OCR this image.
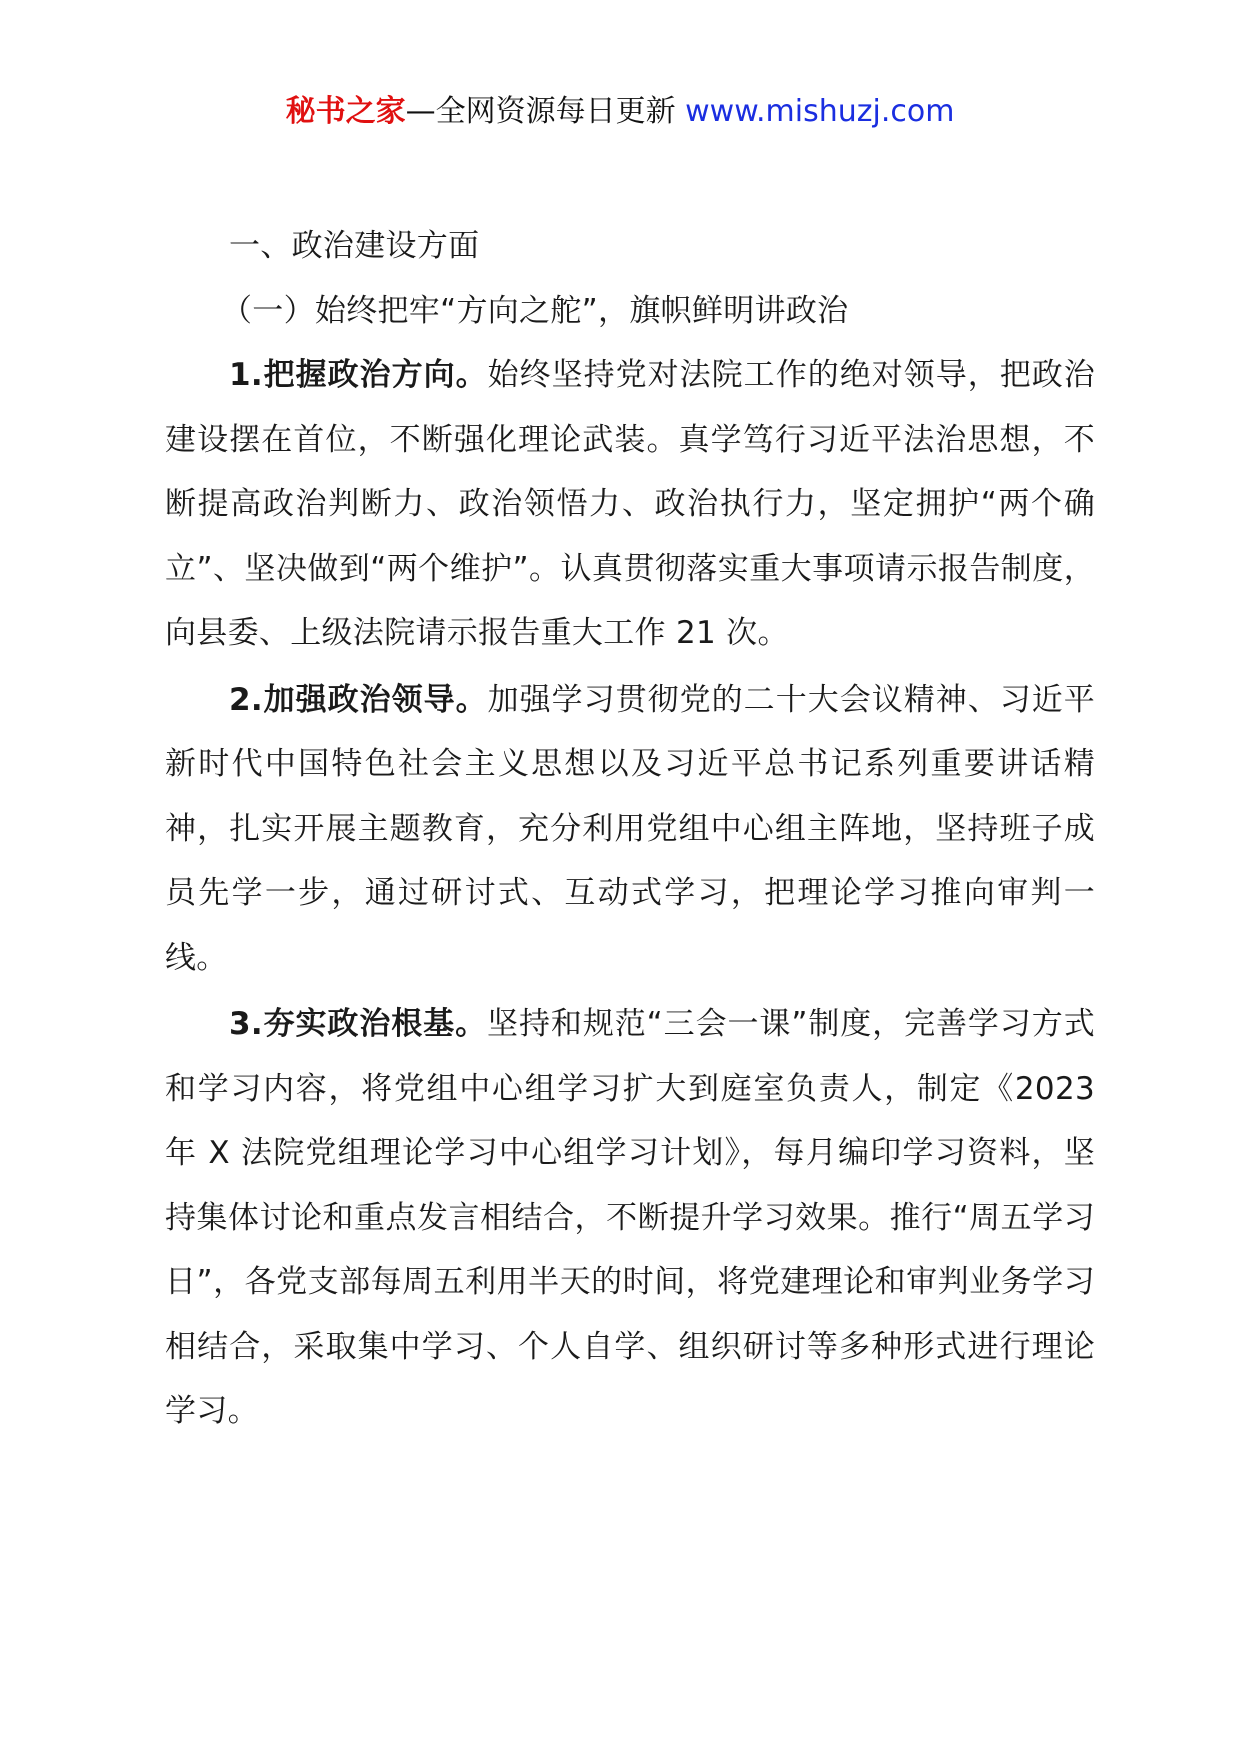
秘书之家—全网资源每日更新 www.mishuzj.com

一、政治建设方面

（一）始终把牢“方向之舵”，旗帜鲜明讲政治

1.把握政治方向。始终坚持党对法院工作的绝对领导，把政治建设摆在首位，不断强化理论武装。真学笃行习近平法治思想，不断提高政治判断力、政治领悟力、政治执行力，坚定拥护“两个确立”、坚决做到“两个维护”。认真贯彻落实重大事项请示报告制度，向县委、上级法院请示报告重大工作 21 次。

2.加强政治领导。加强学习贯彻党的二十大会议精神、习近平新时代中国特色社会主义思想以及习近平总书记系列重要讲话精神，扎实开展主题教育，充分利用党组中心组主阵地，坚持班子成员先学一步，通过研讨式、互动式学习，把理论学习推向审判一线。

3.夯实政治根基。坚持和规范“三会一课”制度，完善学习方式和学习内容，将党组中心组学习扩大到庭室负责人，制定《2023 年 X 法院党组理论学习中心组学习计划》，每月编印学习资料，坚持集体讨论和重点发言相结合，不断提升学习效果。推行“周五学习日”，各党支部每周五利用半天的时间，将党建理论和审判业务学习相结合，采取集中学习、个人自学、组织研讨等多种形式进行理论学习。
